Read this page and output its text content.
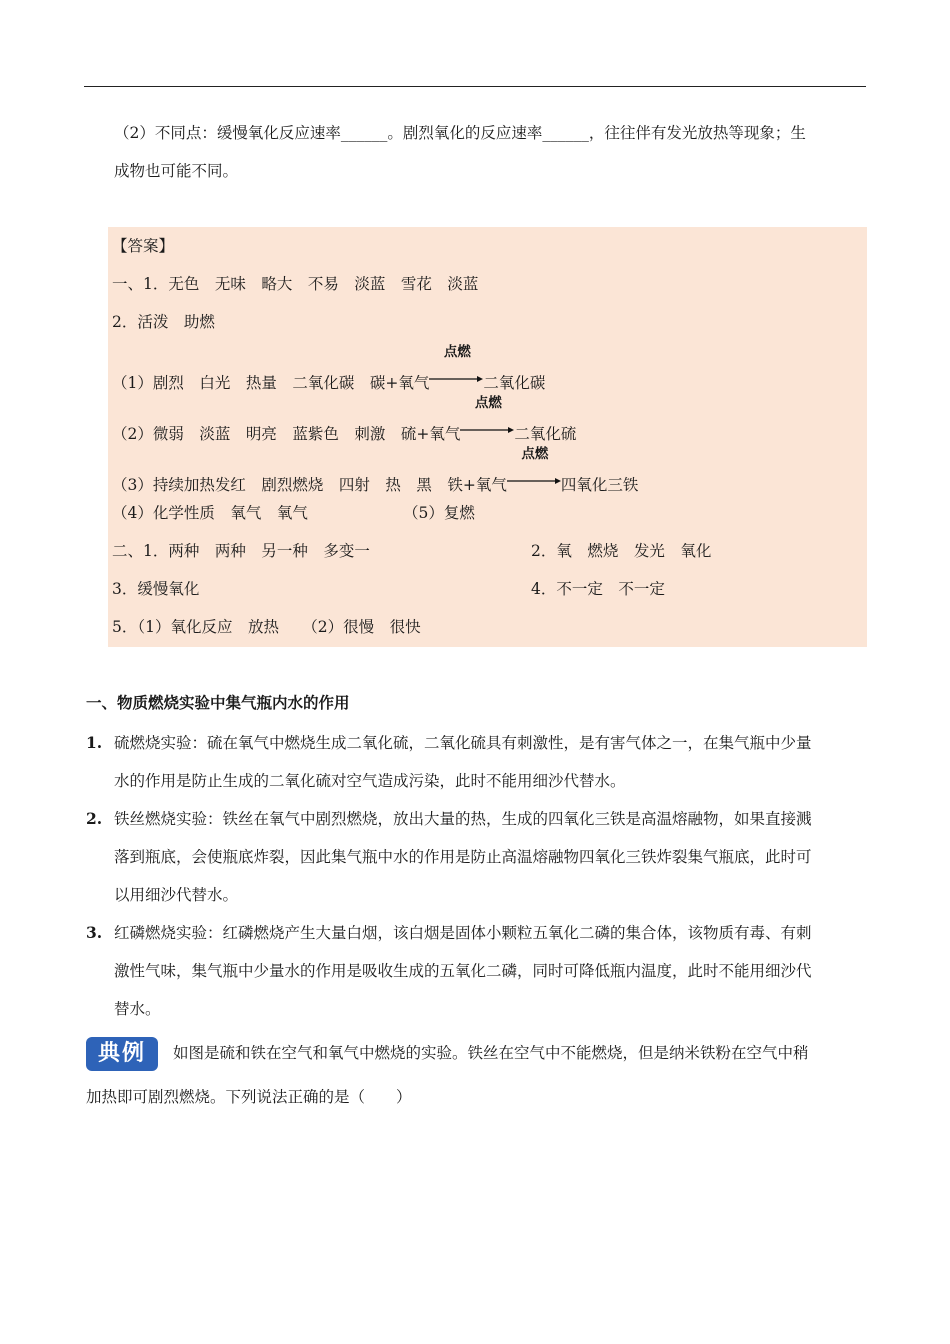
（2）不同点：缓慢氧化反应速率______。剧烈氧化的反应速率______，往往伴有发光放热等现象；生
成物也可能不同。
【答案】
一、1．无色　无味　略大　不易　淡蓝　雪花　淡蓝
2．活泼　助燃
（1）剧烈　白光　热量　二氧化碳　碳+氧气
点燃
二氧化碳
（2）微弱　淡蓝　明亮　蓝紫色　刺激　硫+氧气
点燃
二氧化硫
（3）持续加热发红　剧烈燃烧　四射　热　黑　铁+氧气
点燃
四氧化三铁
（4）化学性质　氧气　氧气	（5）复燃
二、1．两种　两种　另一种　多变一	2．氧　燃烧　发光　氧化
3．缓慢氧化	4．不一定　不一定
5．（1）氧化反应　放热　　（2）很慢　很快
一、物质燃烧实验中集气瓶内水的作用
1. 硫燃烧实验：硫在氧气中燃烧生成二氧化硫，二氧化硫具有刺激性，是有害气体之一，在集气瓶中少量
水的作用是防止生成的二氧化硫对空气造成污染，此时不能用细沙代替水。
2. 铁丝燃烧实验：铁丝在氧气中剧烈燃烧，放出大量的热，生成的四氧化三铁是高温熔融物，如果直接溅
落到瓶底，会使瓶底炸裂，因此集气瓶中水的作用是防止高温熔融物四氧化三铁炸裂集气瓶底，此时可
以用细沙代替水。
3. 红磷燃烧实验：红磷燃烧产生大量白烟，该白烟是固体小颗粒五氧化二磷的集合体，该物质有毒、有刺
激性气味，集气瓶中少量水的作用是吸收生成的五氧化二磷，同时可降低瓶内温度，此时不能用细沙代
替水。
典例	如图是硫和铁在空气和氧气中燃烧的实验。铁丝在空气中不能燃烧，但是纳米铁粉在空气中稍
加热即可剧烈燃烧。下列说法正确的是（　　）
